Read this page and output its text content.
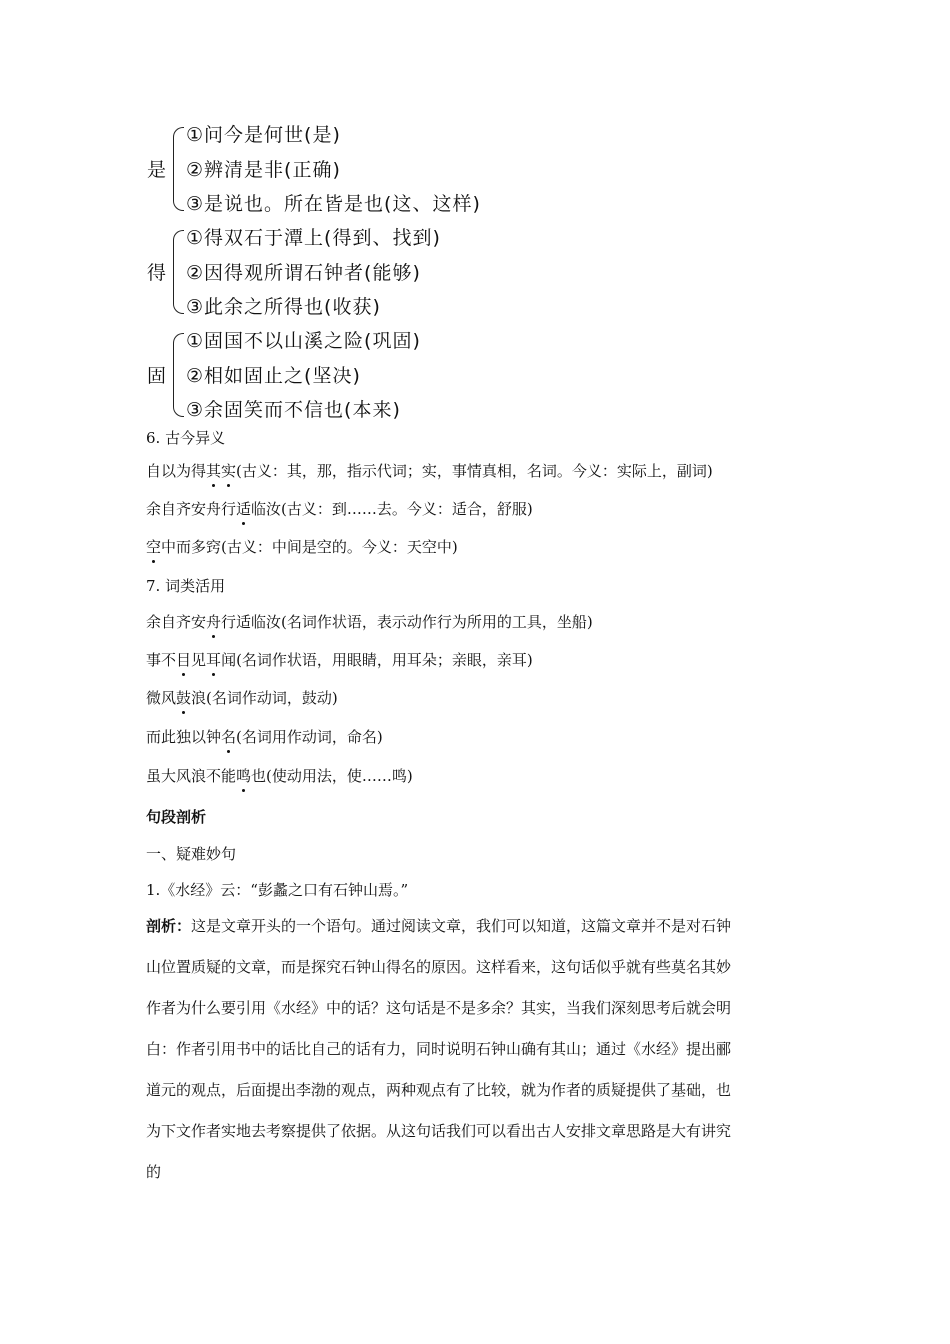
是
①问今是何世(是)
②辨清是非(正确)
③是说也。所在皆是也(这、这样)
得
①得双石于潭上(得到、找到)
②因得观所谓石钟者(能够)
③此余之所得也(收获)
固
①固国不以山溪之险(巩固)
②相如固止之(坚决)
③余固笑而不信也(本来)
6. 古今异义
自以为得其实(古义：其，那，指示代词；实，事情真相，名词。今义：实际上，副词)
余自齐安舟行适临汝(古义：到……去。今义：适合，舒服)
空中而多窍(古义：中间是空的。今义：天空中)
7. 词类活用
余自齐安舟行适临汝(名词作状语，表示动作行为所用的工具，坐船)
事不目见耳闻(名词作状语，用眼睛，用耳朵；亲眼，亲耳)
微风鼓浪(名词作动词，鼓动)
而此独以钟名(名词用作动词，命名)
虽大风浪不能鸣也(使动用法，使……鸣)
句段剖析
一、疑难妙句
1.《水经》云：“彭蠡之口有石钟山焉。”
剖析：这是文章开头的一个语句。通过阅读文章，我们可以知道，这篇文章并不是对石钟
山位置质疑的文章，而是探究石钟山得名的原因。这样看来，这句话似乎就有些莫名其妙
作者为什么要引用《水经》中的话？这句话是不是多余？其实，当我们深刻思考后就会明
白：作者引用书中的话比自己的话有力，同时说明石钟山确有其山；通过《水经》提出郦
道元的观点，后面提出李渤的观点，两种观点有了比较，就为作者的质疑提供了基础，也
为下文作者实地去考察提供了依据。从这句话我们可以看出古人安排文章思路是大有讲究
的
